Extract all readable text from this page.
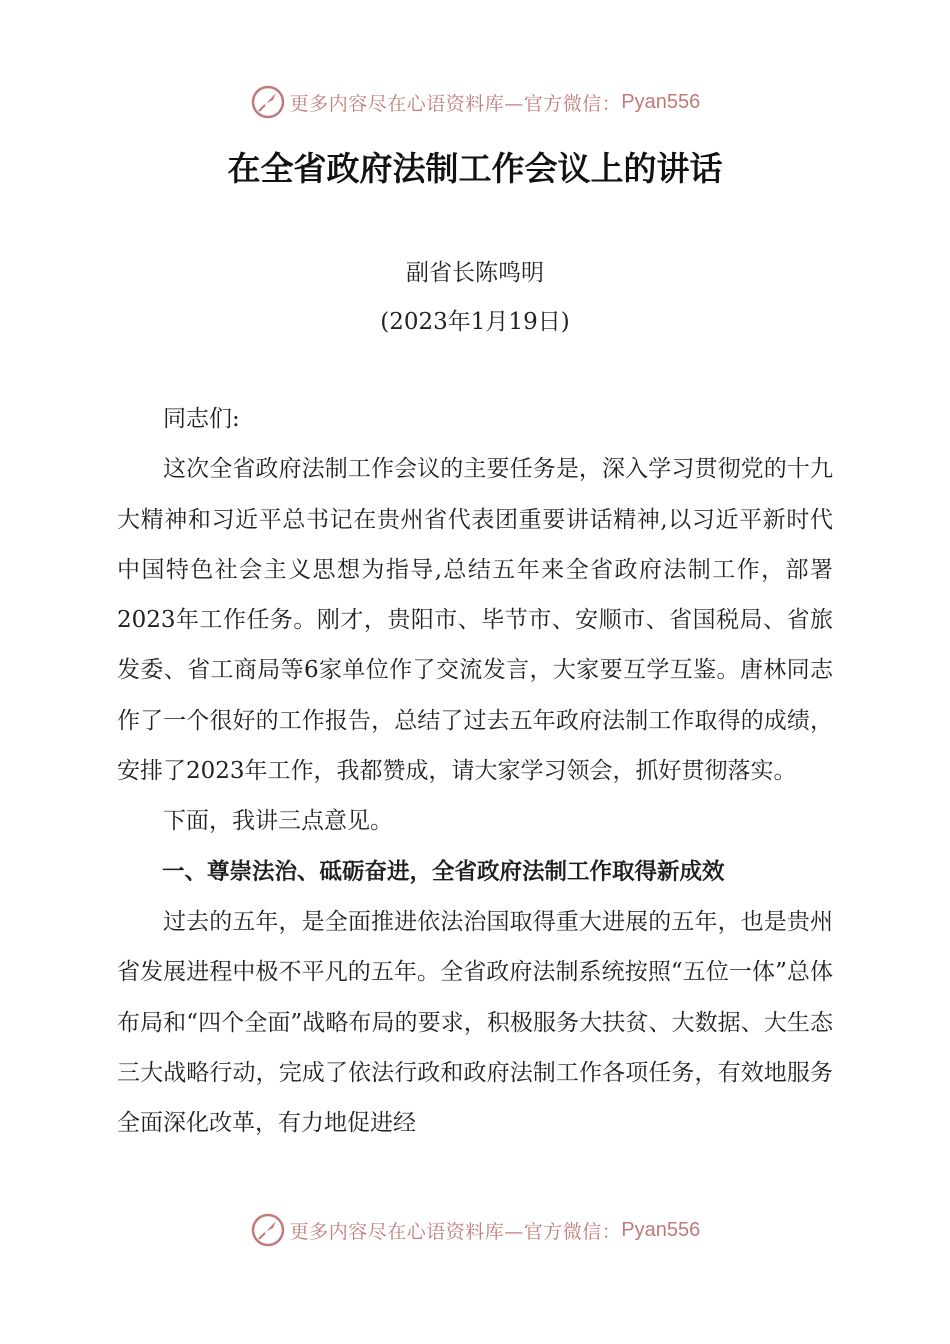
更多内容尽在心语资料库—官方微信： Pyan556
在全省政府法制工作会议上的讲话
副省长陈鸣明
(2023年1月19日)

同志们:

这次全省政府法制工作会议的主要任务是，深入学习贯彻党的十九大精神和习近平总书记在贵州省代表团重要讲话精神,以习近平新时代中国特色社会主义思想为指导,总结五年来全省政府法制工作，部署2023年工作任务。刚才，贵阳市、毕节市、安顺市、省国税局、省旅发委、省工商局等6家单位作了交流发言，大家要互学互鉴。唐林同志作了一个很好的工作报告，总结了过去五年政府法制工作取得的成绩，安排了2023年工作，我都赞成，请大家学习领会，抓好贯彻落实。

下面，我讲三点意见。

一、尊崇法治、砥砺奋进，全省政府法制工作取得新成效

过去的五年，是全面推进依法治国取得重大进展的五年，也是贵州省发展进程中极不平凡的五年。全省政府法制系统按照“五位一体”总体布局和“四个全面”战略布局的要求，积极服务大扶贫、大数据、大生态三大战略行动，完成了依法行政和政府法制工作各项任务，有效地服务全面深化改革，有力地促进经

更多内容尽在心语资料库—官方微信： Pyan556
